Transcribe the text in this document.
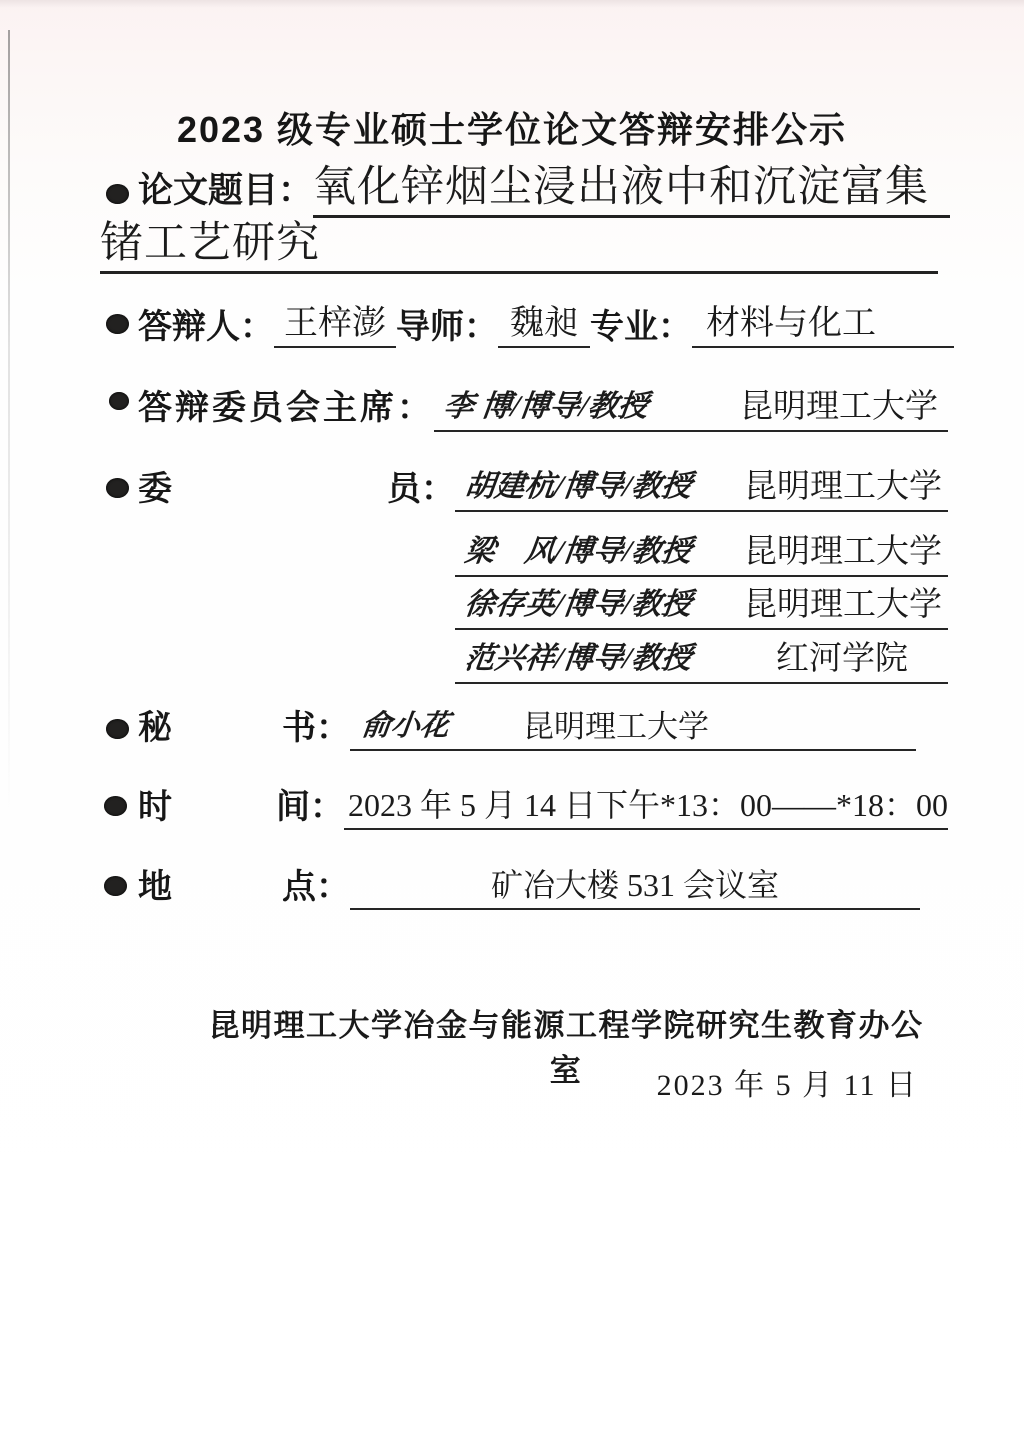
2023 级专业硕士学位论文答辩安排公示
论文题目： 氧化锌烟尘浸出液中和沉淀富集
锗工艺研究
答辩人： 王梓澎 导师： 魏昶 专业： 材料与化工
答辩委员会主席： 李 博/博导/教授	昆明理工大学
委	员： 胡建杭/博导/教授 昆明理工大学
梁　风/博导/教授 昆明理工大学
徐存英/博导/教授 昆明理工大学
范兴祥/博导/教授	红河学院
秘	书： 俞小花 昆明理工大学
时	间： 2023 年 5 月 14 日下午*13：00——*18：00
地	点：	矿冶大楼 531 会议室
昆明理工大学冶金与能源工程学院研究生教育办公室	2023 年 5 月 11 日
